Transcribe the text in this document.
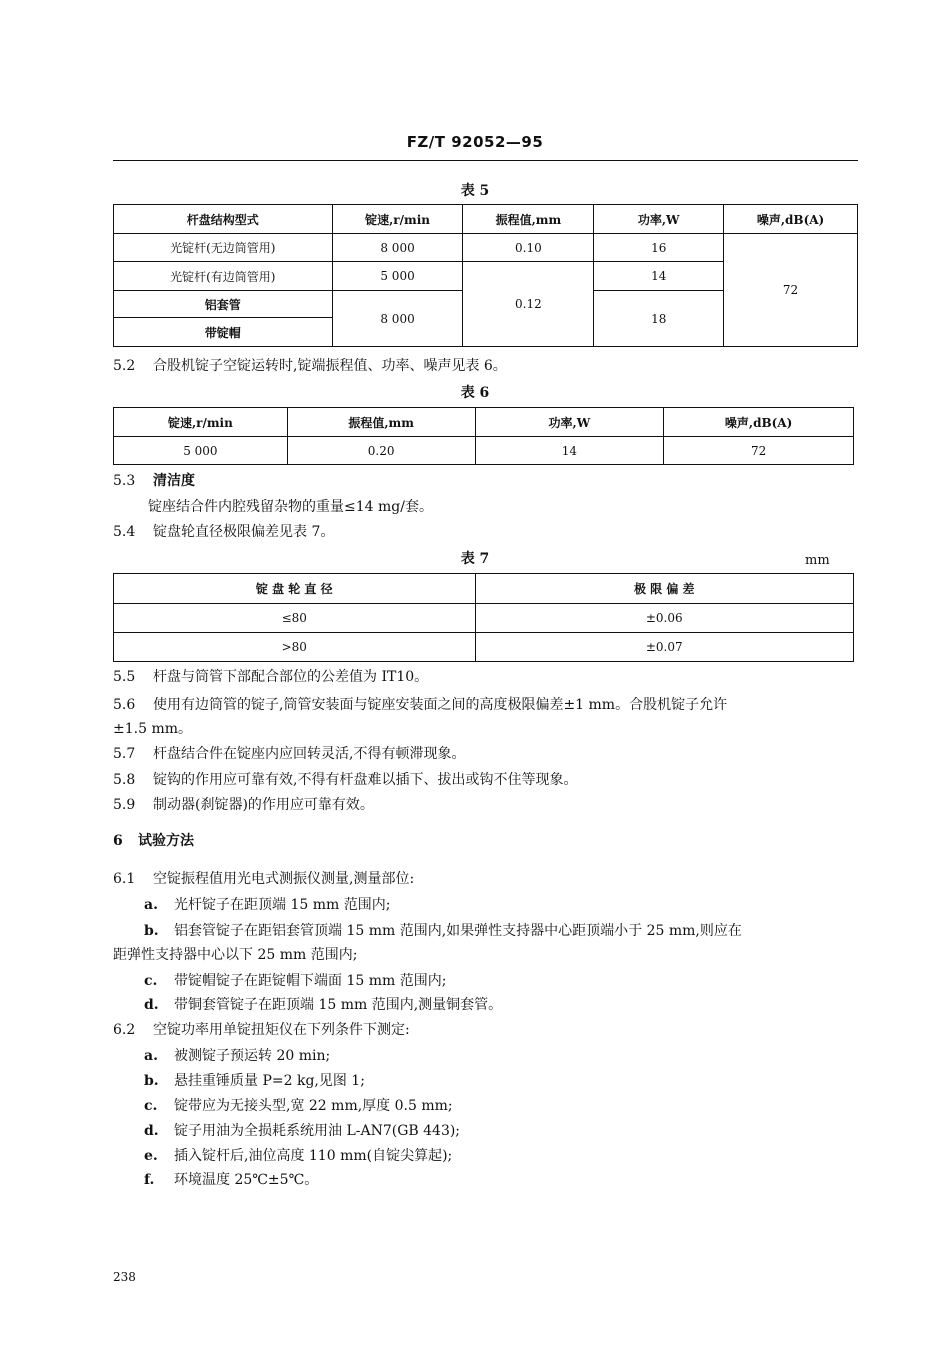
FZ/T 92052—95
表 5
杆盘结构型式	锭速,r/min	振程值,mm	功率,W	噪声,dB(A)
光锭杆(无边筒管用)	8 000	0.10	16	72
光锭杆(有边筒管用)	5 000	0.12	14	
铝套管	8 000		18	
带锭帽				
5.2 合股机锭子空锭运转时,锭端振程值、功率、噪声见表 6。
表 6
锭速,r/min	振程值,mm	功率,W	噪声,dB(A)
5 000	0.20	14	72
5.3 清洁度
锭座结合件内腔残留杂物的重量≤14 mg/套。
5.4 锭盘轮直径极限偏差见表 7。
表 7	mm
锭 盘 轮 直 径	极 限 偏 差
≤80	±0.06
>80	±0.07
5.5 杆盘与筒管下部配合部位的公差值为 IT10。
5.6 使用有边筒管的锭子,筒管安装面与锭座安装面之间的高度极限偏差±1 mm。合股机锭子允许
±1.5 mm。
5.7 杆盘结合件在锭座内应回转灵活,不得有顿滞现象。
5.8 锭钩的作用应可靠有效,不得有杆盘难以插下、拔出或钩不住等现象。
5.9 制动器(刹锭器)的作用应可靠有效。
6 试验方法
6.1 空锭振程值用光电式测振仪测量,测量部位:
a. 光杆锭子在距顶端 15 mm 范围内;
b. 铝套管锭子在距铝套管顶端 15 mm 范围内,如果弹性支持器中心距顶端小于 25 mm,则应在
距弹性支持器中心以下 25 mm 范围内;
c. 带锭帽锭子在距锭帽下端面 15 mm 范围内;
d. 带铜套管锭子在距顶端 15 mm 范围内,测量铜套管。
6.2 空锭功率用单锭扭矩仪在下列条件下测定:
a. 被测锭子预运转 20 min;
b. 悬挂重锤质量 P=2 kg,见图 1;
c. 锭带应为无接头型,宽 22 mm,厚度 0.5 mm;
d. 锭子用油为全损耗系统用油 L-AN7(GB 443);
e. 插入锭杆后,油位高度 110 mm(自锭尖算起);
f. 环境温度 25℃±5℃。
238
